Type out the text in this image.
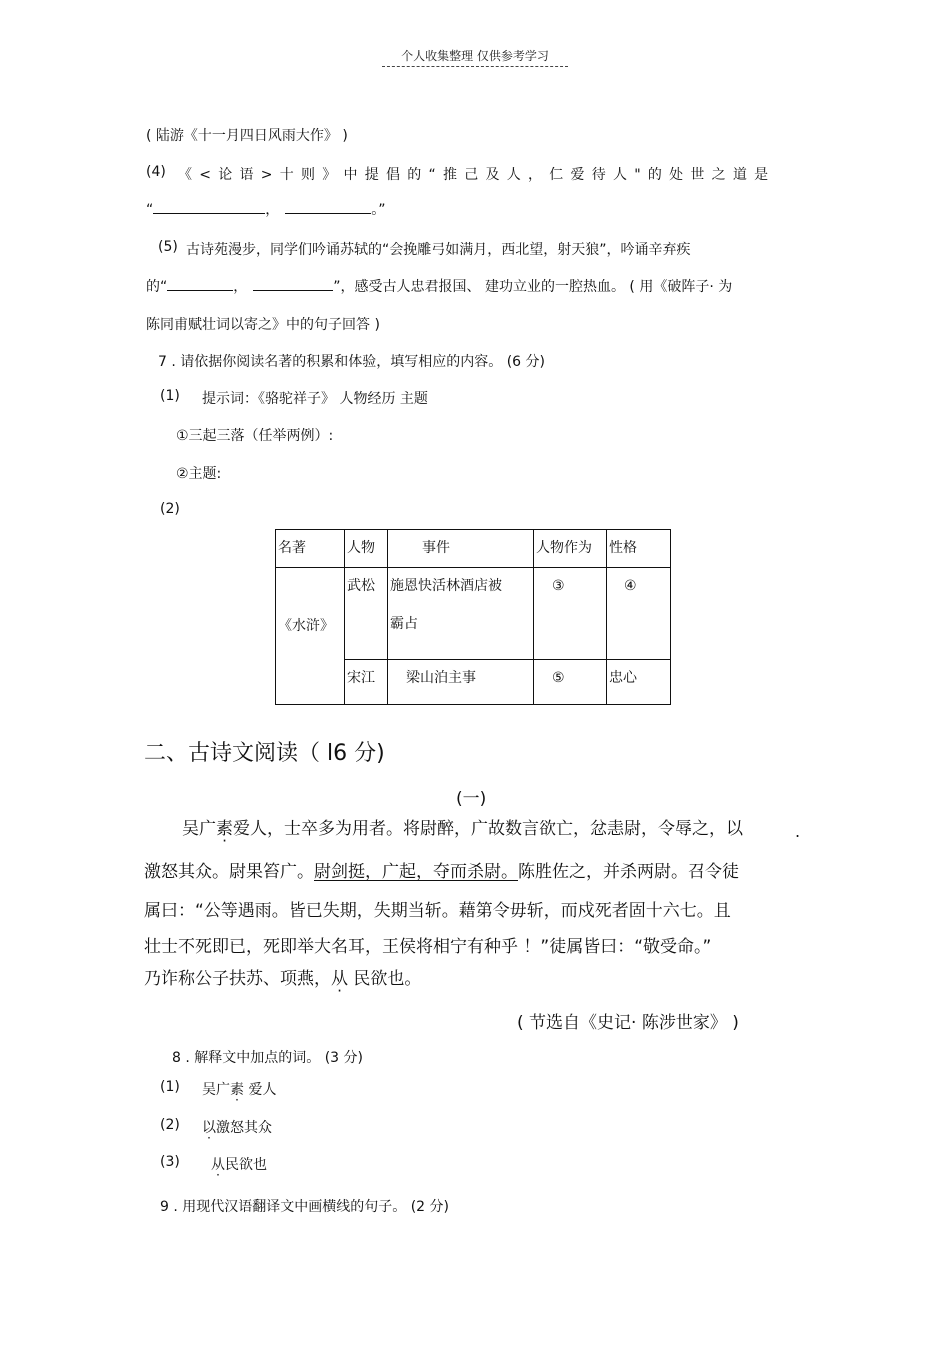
个人收集整理 仅供参考学习
( 陆游《十一月四日风雨大作》 )
(4) 《 < 论 语 > 十 则 》 中 提 倡 的 “ 推 己 及 人 ， 仁 爱 待 人 " 的 处 世 之 道 是
“	，	。”
(5) 古诗苑漫步，同学们吟诵苏轼的“会挽雕弓如满月，西北望，射天狼”，吟诵辛弃疾
的“	，	”，感受古人忠君报国、 建功立业的一腔热血。 ( 用《破阵子· 为
陈同甫赋壮词以寄之》中的句子回答 )
7 . 请依据你阅读名著的积累和体验，填写相应的内容。 (6 分)
(1) 提示词：《骆驼祥子》 人物经历 主题
①三起三落（任举两例）:
②主题:
(2)
名著	人物	事件	人物作为	性格
《水浒》	武松	施恩快活林酒店被
霸占	③	④
	宋江	梁山泊主事	⑤	忠心
二、古诗文阅读（ l6 分)
(一)
吴广素爱人，士卒多为用者。将尉醉，广故数言欲亡，忿恚尉，令辱之，以	.
激怒其众。尉果笞广。尉剑挺，广起，夺而杀尉。陈胜佐之，并杀两尉。召令徒
属曰：“公等遇雨。皆已失期，失期当斩。藉第令毋斩，而戍死者固十六七。且
壮士不死即已，死即举大名耳，王侯将相宁有种乎 ！”徒属皆曰：“敬受命。”
乃诈称公子扶苏、项燕，从 民欲也。
( 节选自《史记· 陈涉世家》 )
8 . 解释文中加点的词。 (3 分)
(1) 吴广素 爱人
(2) 以激怒其众
(3) 从民欲也
9 . 用现代汉语翻译文中画横线的句子。 (2 分)
